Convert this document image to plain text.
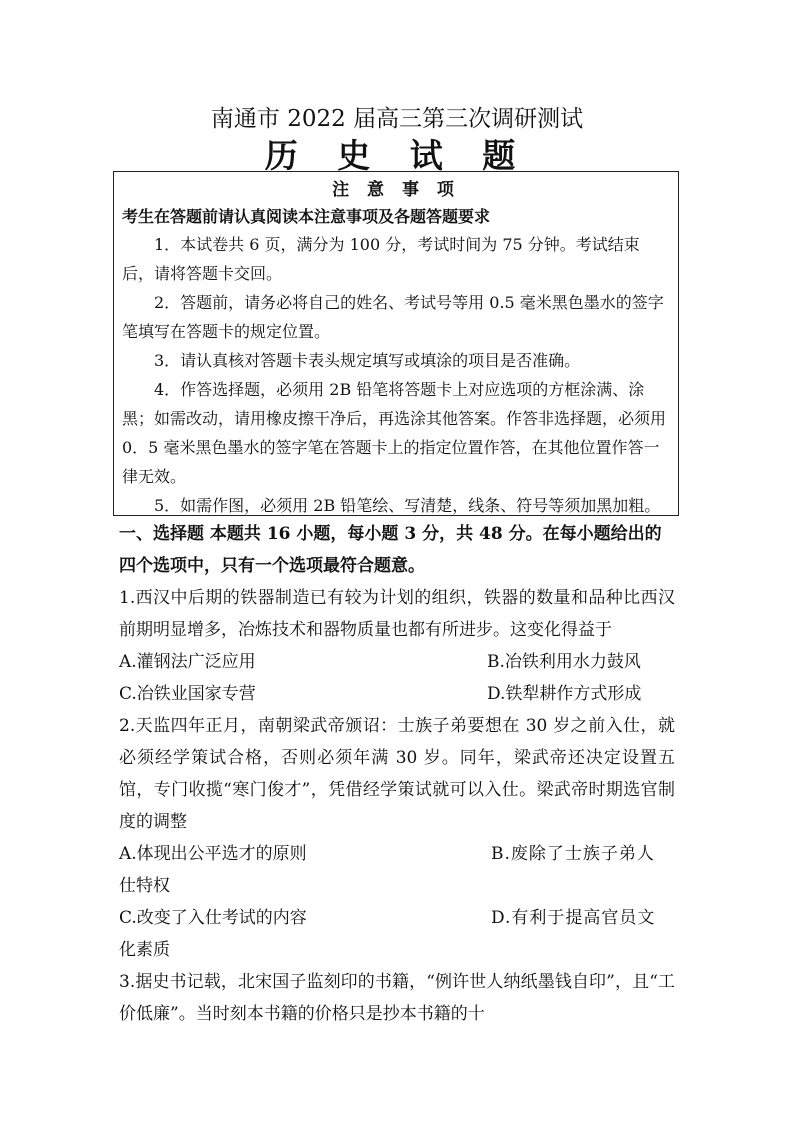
南通市 2022 届高三第三次调研测试
历 史 试 题
注 意 事 项
考生在答题前请认真阅读本注意事项及各题答题要求

1．本试卷共 6 页，满分为 100 分，考试时间为 75 分钟。考试结束后，请将答题卡交回。

2．答题前，请务必将自己的姓名、考试号等用 0.5 毫米黑色墨水的签字笔填写在答题卡的规定位置。

3．请认真核对答题卡表头规定填写或填涂的项目是否准确。

4．作答选择题，必须用 2B 铅笔将答题卡上对应选项的方框涂满、涂黑；如需改动，请用橡皮擦干净后，再选涂其他答案。作答非选择题，必须用 0．5 毫米黑色墨水的签字笔在答题卡上的指定位置作答，在其他位置作答一律无效。

5．如需作图，必须用 2B 铅笔绘、写清楚，线条、符号等须加黑加粗。

一、选择题 本题共 16 小题，每小题 3 分，共 48 分。在每小题给出的四个选项中，只有一个选项最符合题意。

1.西汉中后期的铁器制造已有较为计划的组织，铁器的数量和品种比西汉前期明显增多，冶炼技术和器物质量也都有所进步。这变化得益于

A.灌钢法广泛应用	B.冶铁利用水力鼓风
C.冶铁业国家专营	D.铁犁耕作方式形成

2.天监四年正月，南朝梁武帝颁诏：士族子弟要想在 30 岁之前入仕，就必须经学策试合格，否则必须年满 30 岁。同年，梁武帝还决定设置五馆，专门收揽“寒门俊才”，凭借经学策试就可以入仕。梁武帝时期选官制度的调整

A.体现出公平选才的原则	B.废除了士族子弟人

仕特权

C.改变了入仕考试的内容	D.有利于提高官员文

化素质

3.据史书记载，北宋国子监刻印的书籍，“例许世人纳纸墨钱自印”，且“工价低廉”。当时刻本书籍的价格只是抄本书籍的十
